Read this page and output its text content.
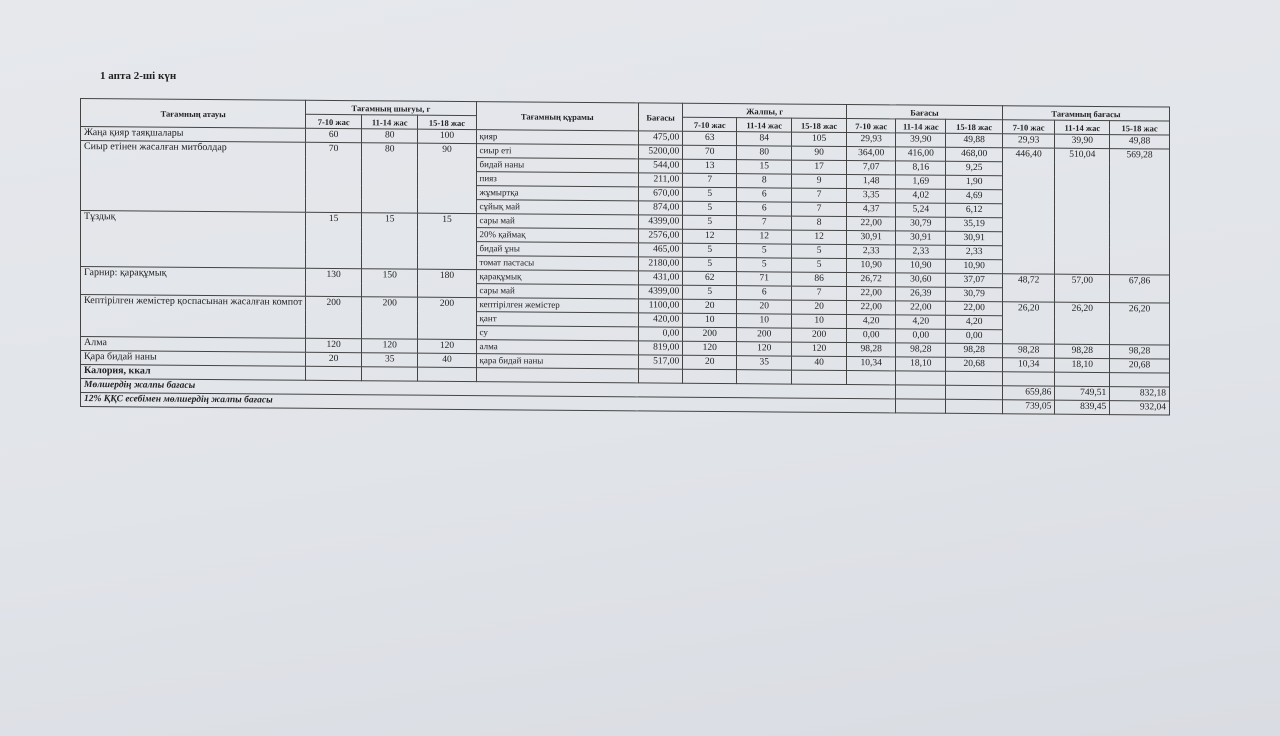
1 апта 2-ші күн
Тағамның атауы	Тағамның шығуы, г			Тағамның құрамы	Бағасы	Жалпы, г			Бағасы			Тағамның бағасы		
	7-10 жас	11-14 жас	15-18 жас			7-10 жас	11-14 жас	15-18 жас	7-10 жас	11-14 жас	15-18 жас	7-10 жас	11-14 жас	15-18 жас
Жаңа қияр таяқшалары	60	80	100	қияр	475,00	63	84	105	29,93	39,90	49,88	29,93	39,90	49,88
Сиыр етінен жасалған митболдар	70	80	90	сиыр еті	5200,00	70	80	90	364,00	416,00	468,00	446,40	510,04	569,28
				бидай наны	544,00	13	15	17	7,07	8,16	9,25			
				пияз	211,00	7	8	9	1,48	1,69	1,90			
				жұмыртқа	670,00	5	6	7	3,35	4,02	4,69			
				сұйық май	874,00	5	6	7	4,37	5,24	6,12			
Тұздық	15	15	15	сары май	4399,00	5	7	8	22,00	30,79	35,19			
				20% қаймақ	2576,00	12	12	12	30,91	30,91	30,91			
				бидай ұны	465,00	5	5	5	2,33	2,33	2,33			
				томат пастасы	2180,00	5	5	5	10,90	10,90	10,90			
Гарнир: қарақұмық	130	150	180	қарақұмық	431,00	62	71	86	26,72	30,60	37,07	48,72	57,00	67,86
				сары май	4399,00	5	6	7	22,00	26,39	30,79			
Кептірілген жемістер қоспасынан жасалған компот	200	200	200	кептірілген жемістер	1100,00	20	20	20	22,00	22,00	22,00	26,20	26,20	26,20
				қант	420,00	10	10	10	4,20	4,20	4,20			
				су	0,00	200	200	200	0,00	0,00	0,00			
Алма	120	120	120	алма	819,00	120	120	120	98,28	98,28	98,28	98,28	98,28	98,28
Қара бидай наны	20	35	40	қара бидай наны	517,00	20	35	40	10,34	18,10	20,68	10,34	18,10	20,68
Калория, ккал														
Мөлшердің жалпы бағасы												659,86	749,51	832,18
12% ҚҚС есебімен мөлшердің жалпы бағасы												739,05	839,45	932,04
